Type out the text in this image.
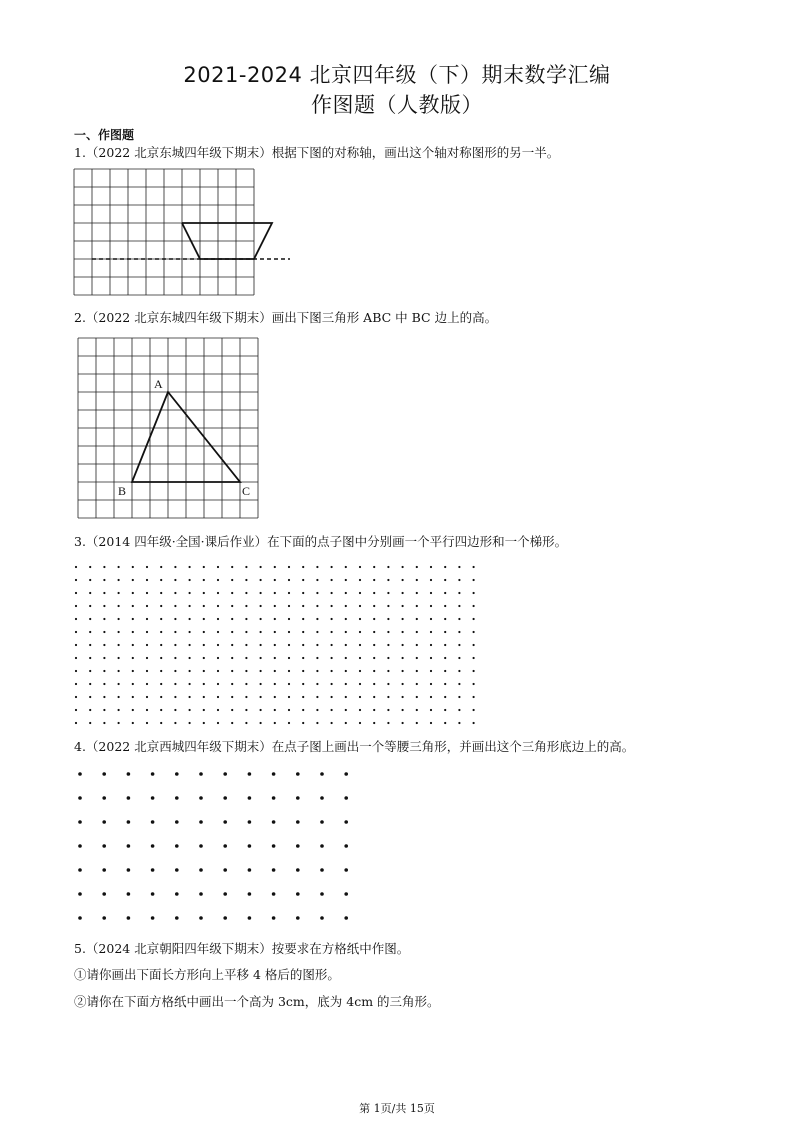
2021-2024 北京四年级（下）期末数学汇编
作图题（人教版）
一、作图题
1.（2022 北京东城四年级下期末）根据下图的对称轴，画出这个轴对称图形的另一半。
2.（2022 北京东城四年级下期末）画出下图三角形 ABC 中 BC 边上的高。
A
B	C
3.（2014 四年级·全国·课后作业）在下面的点子图中分别画一个平行四边形和一个梯形。
4.（2022 北京西城四年级下期末）在点子图上画出一个等腰三角形，并画出这个三角形底边上的高。
5.（2024 北京朝阳四年级下期末）按要求在方格纸中作图。
①请你画出下面长方形向上平移 4 格后的图形。
②请你在下面方格纸中画出一个高为 3cm，底为 4cm 的三角形。
第 1页/共 15页
